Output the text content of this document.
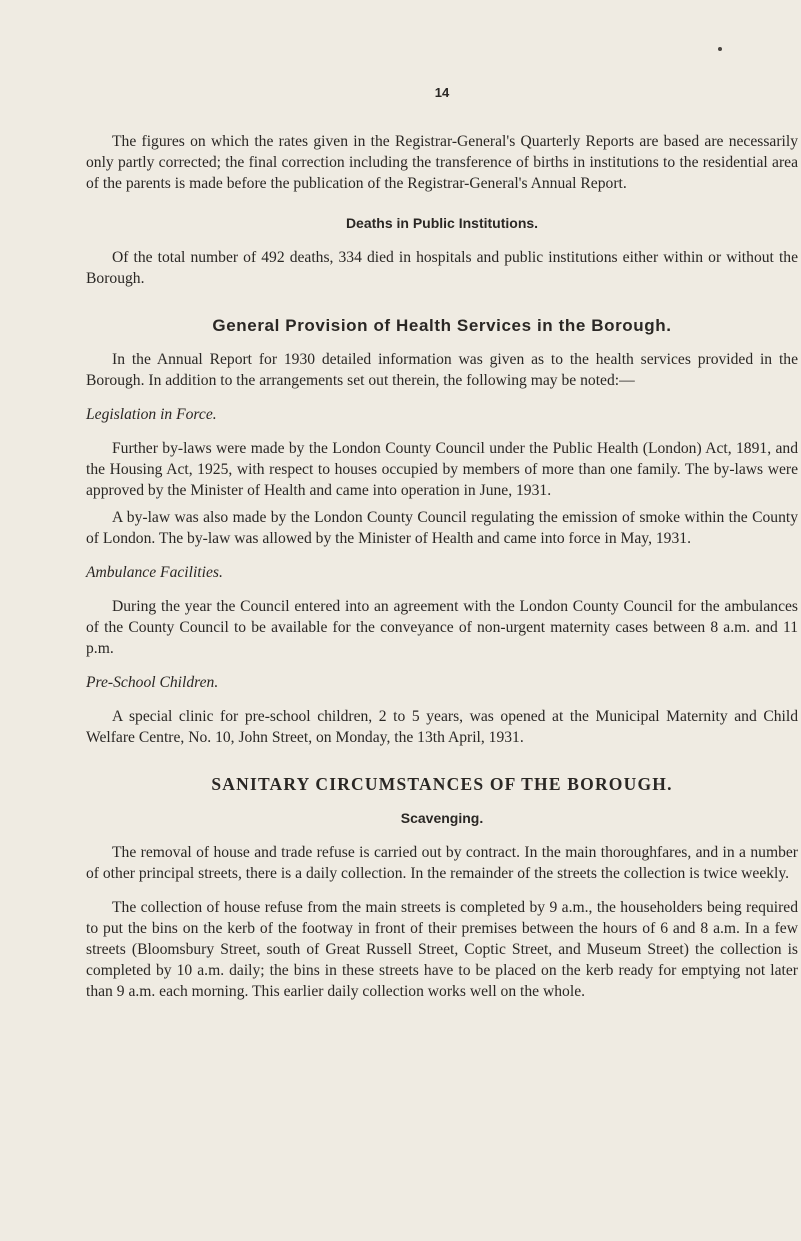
14

The figures on which the rates given in the Registrar-General's Quarterly Reports are based are necessarily only partly corrected; the final correction including the transference of births in institutions to the residential area of the parents is made before the publication of the Registrar-General's Annual Report.

Deaths in Public Institutions.

Of the total number of 492 deaths, 334 died in hospitals and public institutions either within or without the Borough.

General Provision of Health Services in the Borough.

In the Annual Report for 1930 detailed information was given as to the health services provided in the Borough. In addition to the arrangements set out therein, the following may be noted:—

Legislation in Force.

Further by-laws were made by the London County Council under the Public Health (London) Act, 1891, and the Housing Act, 1925, with respect to houses occupied by members of more than one family. The by-laws were approved by the Minister of Health and came into operation in June, 1931.

A by-law was also made by the London County Council regulating the emission of smoke within the County of London. The by-law was allowed by the Minister of Health and came into force in May, 1931.

Ambulance Facilities.

During the year the Council entered into an agreement with the London County Council for the ambulances of the County Council to be available for the conveyance of non-urgent maternity cases between 8 a.m. and 11 p.m.

Pre-School Children.

A special clinic for pre-school children, 2 to 5 years, was opened at the Municipal Maternity and Child Welfare Centre, No. 10, John Street, on Monday, the 13th April, 1931.

SANITARY CIRCUMSTANCES OF THE BOROUGH.
Scavenging.

The removal of house and trade refuse is carried out by contract. In the main thoroughfares, and in a number of other principal streets, there is a daily collection. In the remainder of the streets the collection is twice weekly.

The collection of house refuse from the main streets is completed by 9 a.m., the householders being required to put the bins on the kerb of the footway in front of their premises between the hours of 6 and 8 a.m. In a few streets (Bloomsbury Street, south of Great Russell Street, Coptic Street, and Museum Street) the collection is completed by 10 a.m. daily; the bins in these streets have to be placed on the kerb ready for emptying not later than 9 a.m. each morning. This earlier daily collection works well on the whole.
